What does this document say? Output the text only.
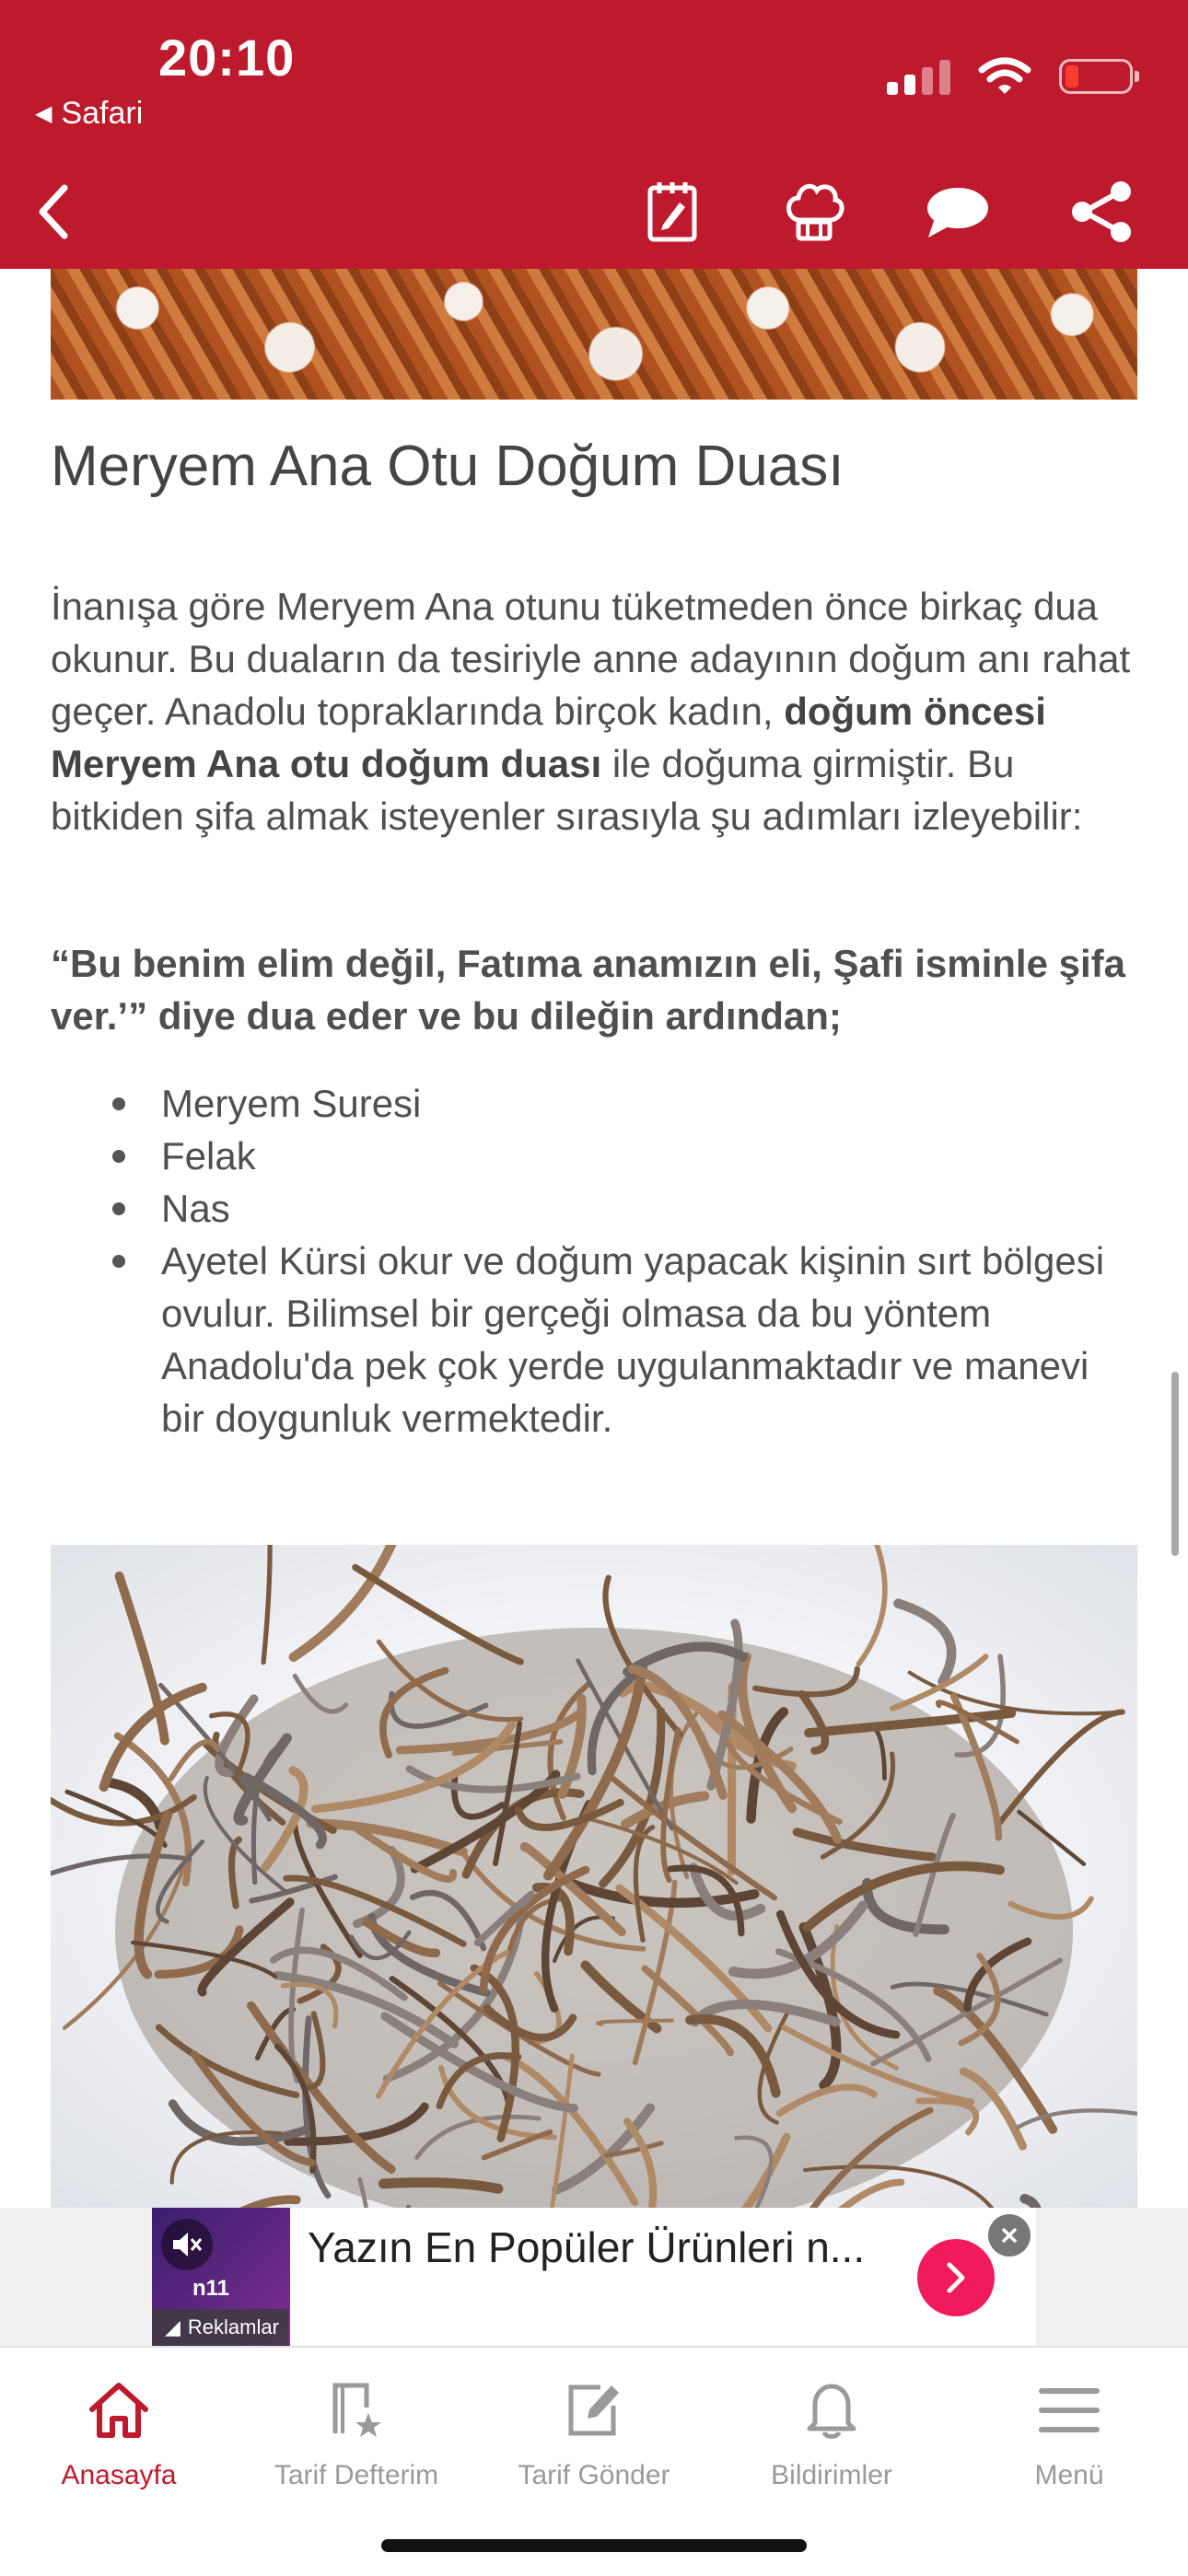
20:10
◀ Safari
Meryem Ana Otu Doğum Duası

İnanışa göre Meryem Ana otunu tüketmeden önce birkaç dua okunur. Bu duaların da tesiriyle anne adayının doğum anı rahat geçer. Anadolu topraklarında birçok kadın, doğum öncesi Meryem Ana otu doğum duası ile doğuma girmiştir. Bu bitkiden şifa almak isteyenler sırasıyla şu adımları izleyebilir:

“Bu benim elim değil, Fatıma anamızın eli, Şafi isminle şifa ver.’” diye dua eder ve bu dileğin ardından;

Meryem Suresi
Felak
Nas
Ayetel Kürsi okur ve doğum yapacak kişinin sırt bölgesi ovulur. Bilimsel bir gerçeği olmasa da bu yöntem Anadolu'da pek çok yerde uygulanmaktadır ve manevi bir doygunluk vermektedir.
n11
◢ Reklamlar
Yazın En Popüler Ürünleri n...
Anasayfa	Tarif Defterim	Tarif Gönder	Bildirimler	Menü
